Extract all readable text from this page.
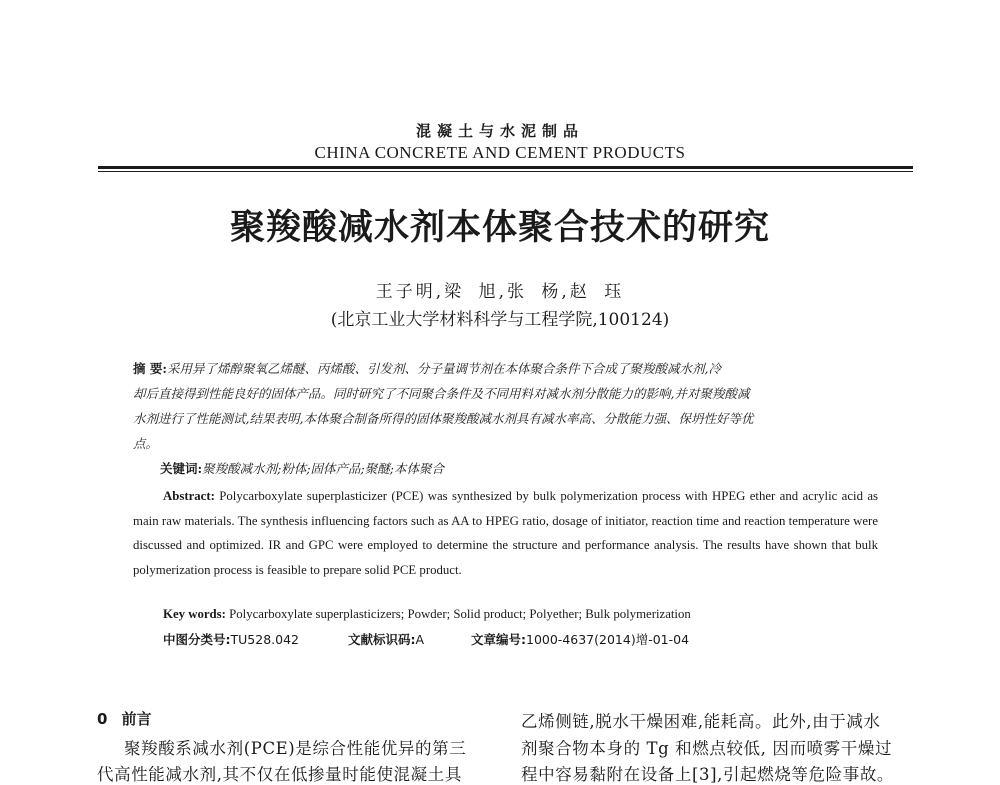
混凝土与水泥制品
CHINA CONCRETE AND CEMENT PRODUCTS
聚羧酸减水剂本体聚合技术的研究
王子明,梁 旭,张 杨,赵 珏
(北京工业大学材料科学与工程学院,100124)
摘 要:采用异了烯醇聚氧乙烯醚、丙烯酸、引发剂、分子量调节剂在本体聚合条件下合成了聚羧酸减水剂,冷
却后直接得到性能良好的固体产品。同时研究了不同聚合条件及不同用料对减水剂分散能力的影响,并对聚羧酸减
水剂进行了性能测试,结果表明,本体聚合制备所得的固体聚羧酸减水剂具有减水率高、分散能力强、保坍性好等优
点。
关键词:聚羧酸减水剂;粉体;固体产品;聚醚;本体聚合
Abstract: Polycarboxylate superplasticizer (PCE) was synthesized by bulk polymerization process with HPEG ether and acrylic acid as main raw materials. The synthesis influencing factors such as AA to HPEG ratio, dosage of initiator, reaction time and reaction temperature were discussed and optimized. IR and GPC were employed to determine the structure and performance analysis. The results have shown that bulk polymerization process is feasible to prepare solid PCE product.
Key words: Polycarboxylate superplasticizers; Powder; Solid product; Polyether; Bulk polymerization
中图分类号:TU528.042	文献标识码:A	文章编号:1000-4637(2014)增-01-04
0 前言
聚羧酸系减水剂(PCE)是综合性能优异的第三
代高性能减水剂,其不仅在低掺量时能使混凝土具
乙烯侧链,脱水干燥困难,能耗高。此外,由于减水
剂聚合物本身的 Tg 和燃点较低, 因而喷雾干燥过
程中容易黏附在设备上[3],引起燃烧等危险事故。
